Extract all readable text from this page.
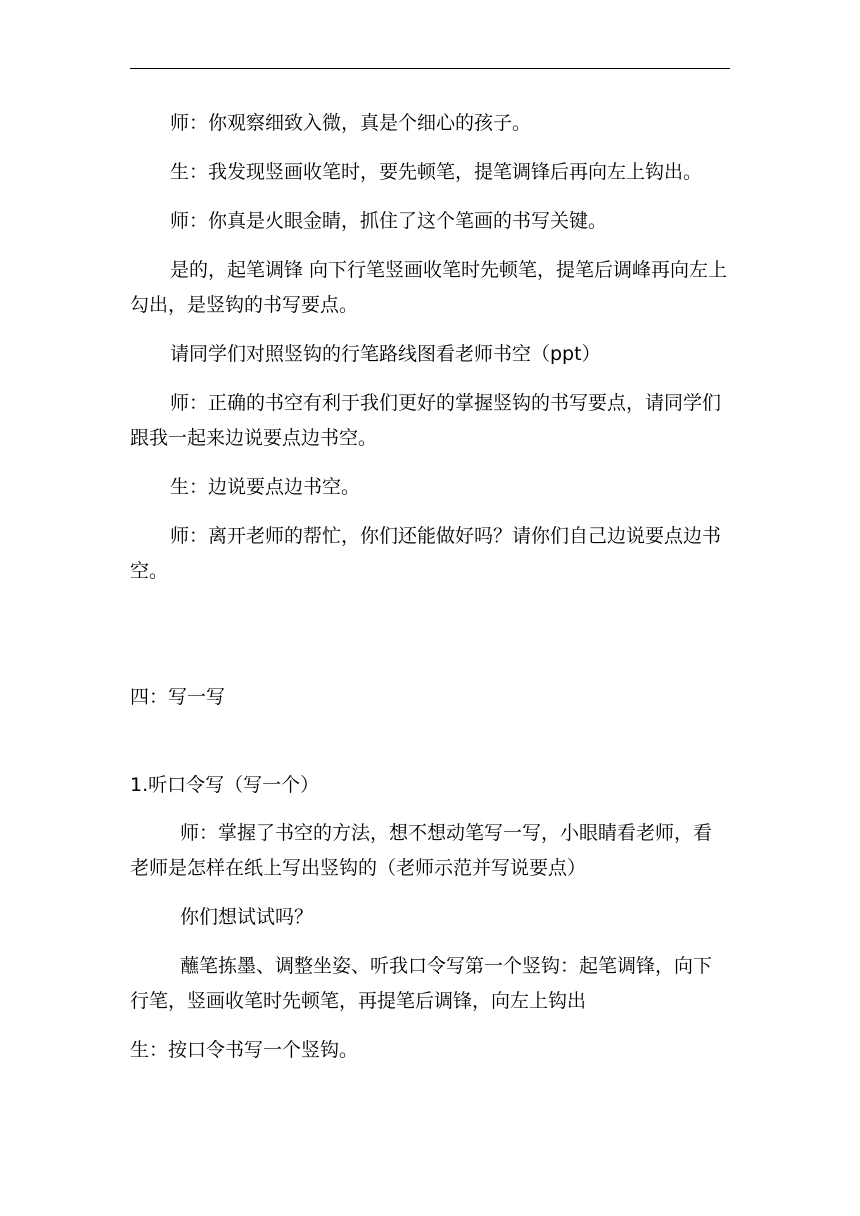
师：你观察细致入微，真是个细心的孩子。

生：我发现竖画收笔时，要先顿笔，提笔调锋后再向左上钩出。

师：你真是火眼金睛，抓住了这个笔画的书写关键。

是的，起笔调锋 向下行笔竖画收笔时先顿笔，提笔后调峰再向左上勾出，是竖钩的书写要点。

请同学们对照竖钩的行笔路线图看老师书空（ppt）

师：正确的书空有利于我们更好的掌握竖钩的书写要点，请同学们跟我一起来边说要点边书空。

生：边说要点边书空。

师：离开老师的帮忙，你们还能做好吗？请你们自己边说要点边书空。

四：写一写

1.听口令写（写一个）

师：掌握了书空的方法，想不想动笔写一写，小眼睛看老师，看老师是怎样在纸上写出竖钩的（老师示范并写说要点）

你们想试试吗？

蘸笔拣墨、调整坐姿、听我口令写第一个竖钩：起笔调锋，向下行笔，竖画收笔时先顿笔，再提笔后调锋，向左上钩出

生：按口令书写一个竖钩。
